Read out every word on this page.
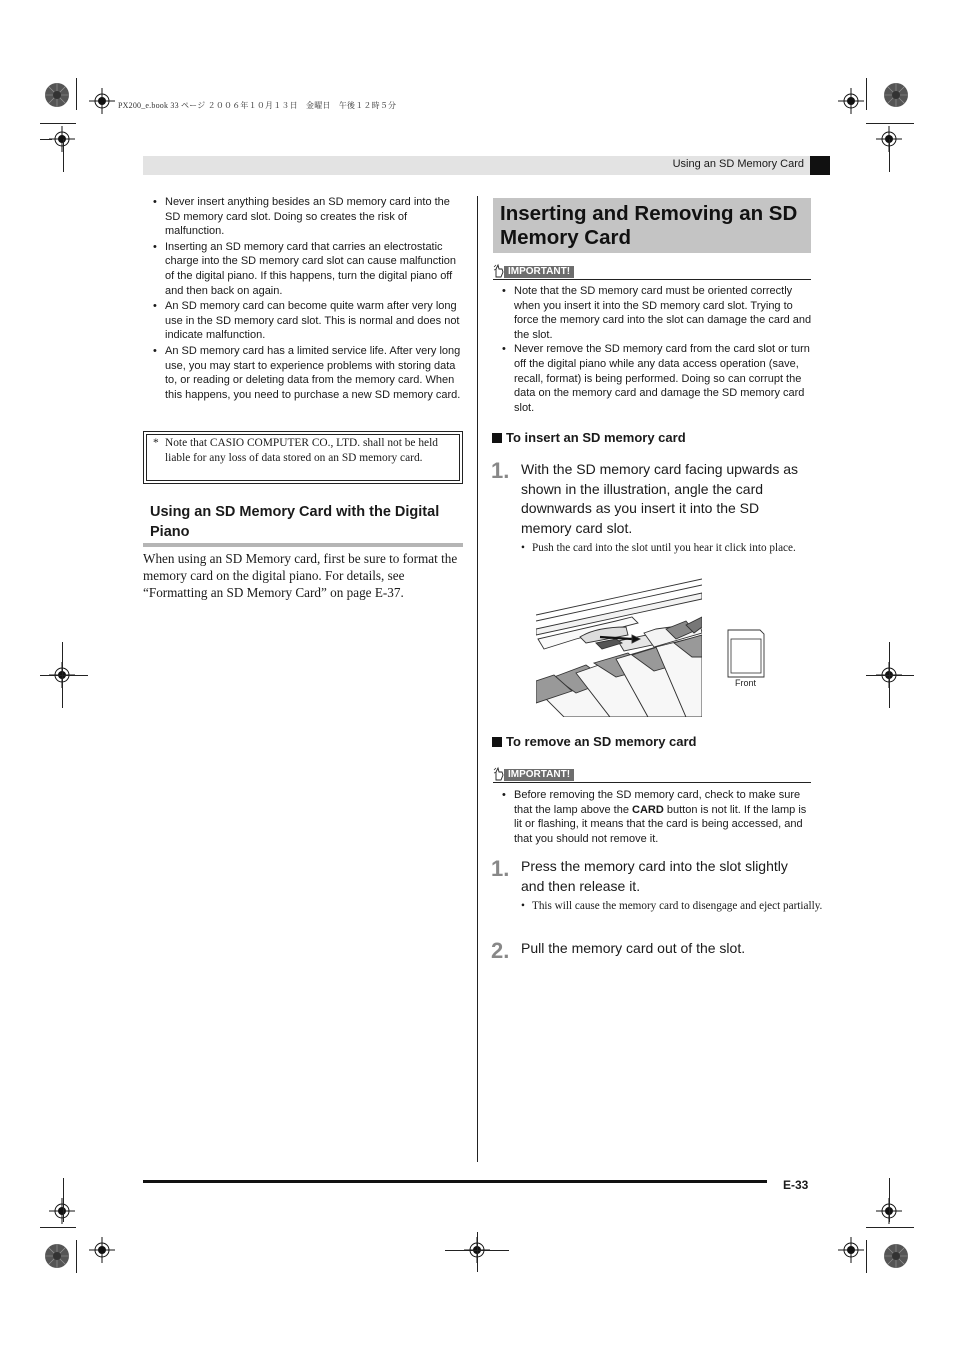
PX200_e.book 33 ページ ２００６年１０月１３日　金曜日　午後１２時５分
Using an SD Memory Card
• Never insert anything besides an SD memory card into the SD memory card slot. Doing so creates the risk of malfunction.
• Inserting an SD memory card that carries an electrostatic charge into the SD memory card slot can cause malfunction of the digital piano. If this happens, turn the digital piano off and then back on again.
• An SD memory card can become quite warm after very long use in the SD memory card slot. This is normal and does not indicate malfunction.
• An SD memory card has a limited service life. After very long use, you may start to experience problems with storing data to, or reading or deleting data from the memory card. When this happens, you need to purchase a new SD memory card.
* Note that CASIO COMPUTER CO., LTD. shall not be held liable for any loss of data stored on an SD memory card.
Using an SD Memory Card with the Digital Piano
When using an SD Memory card, first be sure to format the memory card on the digital piano. For details, see “Formatting an SD Memory Card” on page E-37.
Inserting and Removing an SD Memory Card
IMPORTANT!
• Note that the SD memory card must be oriented correctly when you insert it into the SD memory card slot. Trying to force the memory card into the slot can damage the card and the slot.
• Never remove the SD memory card from the card slot or turn off the digital piano while any data access operation (save, recall, format) is being performed. Doing so can corrupt the data on the memory card and damage the SD memory card slot.
To insert an SD memory card
1. With the SD memory card facing upwards as shown in the illustration, angle the card downwards as you insert it into the SD memory card slot.
• Push the card into the slot until you hear it click into place.
Front
To remove an SD memory card
IMPORTANT!
• Before removing the SD memory card, check to make sure that the lamp above the CARD button is not lit. If the lamp is lit or flashing, it means that the card is being accessed, and that you should not remove it.
1. Press the memory card into the slot slightly and then release it.
• This will cause the memory card to disengage and eject partially.
2. Pull the memory card out of the slot.
E-33
